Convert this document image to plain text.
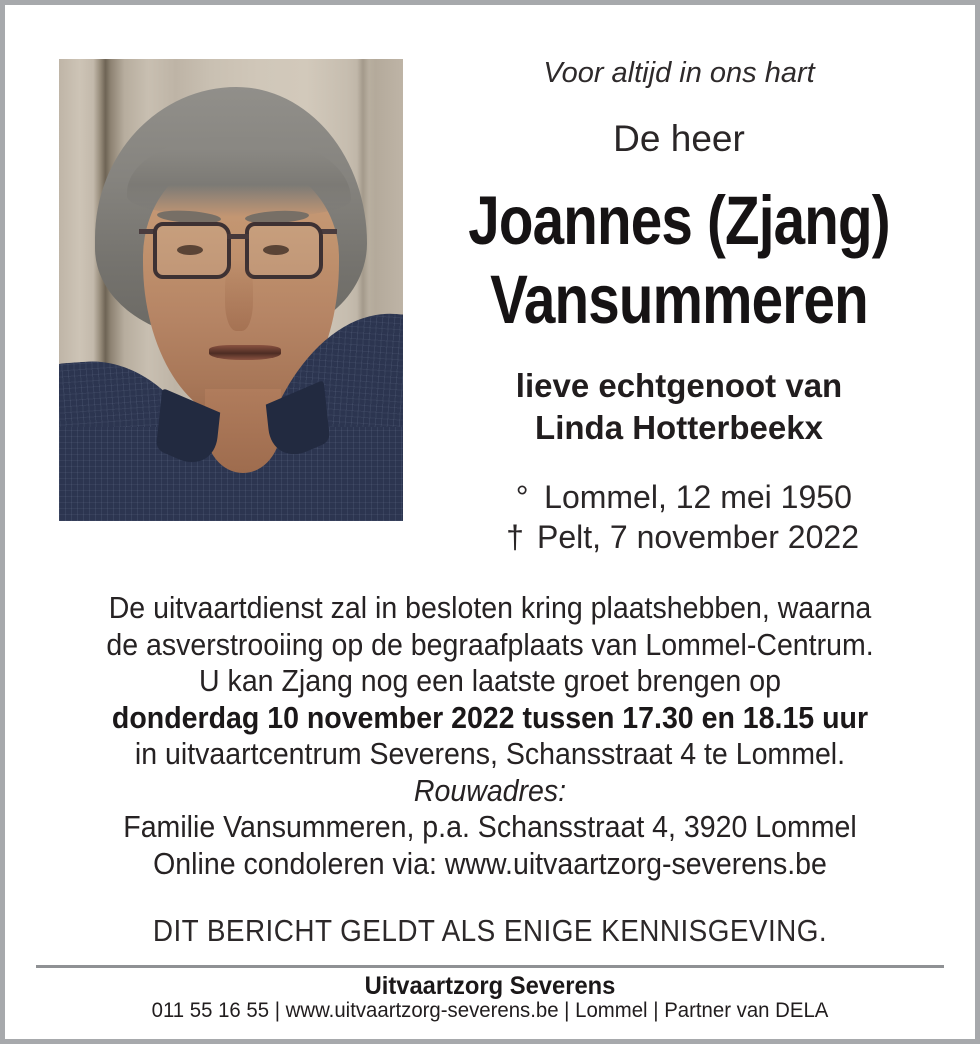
Voor altijd in ons hart
De heer
Joannes (Zjang)
Vansummeren
lieve echtgenoot van
Linda Hotterbeekx
° Lommel, 12 mei 1950
† Pelt, 7 november 2022
De uitvaartdienst zal in besloten kring plaatshebben, waarna
de asverstrooiing op de begraafplaats van Lommel-Centrum.
U kan Zjang nog een laatste groet brengen op
donderdag 10 november 2022 tussen 17.30 en 18.15 uur
in uitvaartcentrum Severens, Schansstraat 4 te Lommel.
Rouwadres:
Familie Vansummeren, p.a. Schansstraat 4, 3920 Lommel
Online condoleren via: www.uitvaartzorg-severens.be
DIT BERICHT GELDT ALS ENIGE KENNISGEVING.
Uitvaartzorg Severens
011 55 16 55 | www.uitvaartzorg-severens.be | Lommel | Partner van DELA
